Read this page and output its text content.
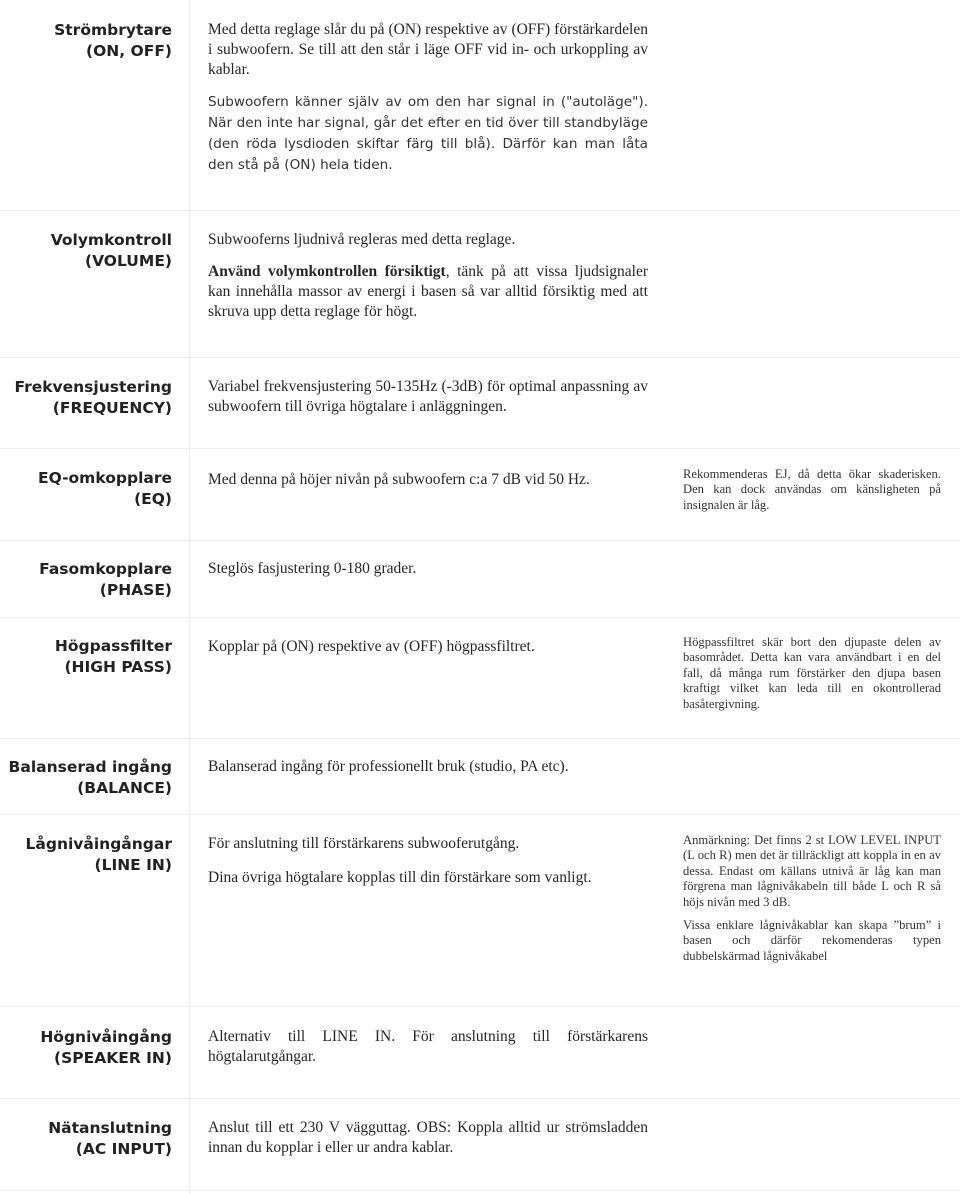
Strömbrytare
(ON, OFF)

Med detta reglage slår du på (ON) respektive av (OFF) förstärkardelen i subwoofern. Se till att den står i läge OFF vid in- och urkoppling av kablar.

Subwoofern känner själv av om den har signal in ("autoläge"). När den inte har signal, går det efter en tid över till standbyläge (den röda lysdioden skiftar färg till blå). Därför kan man låta den stå på (ON) hela tiden.

Volymkontroll
(VOLUME)

Subwooferns ljudnivå regleras med detta reglage.

Använd volymkontrollen försiktigt, tänk på att vissa ljudsignaler kan innehålla massor av energi i basen så var alltid försiktig med att skruva upp detta reglage för högt.

Frekvensjustering
(FREQUENCY)

Variabel frekvensjustering 50-135Hz (-3dB) för optimal anpassning av subwoofern till övriga högtalare i anläggningen.

EQ-omkopplare
(EQ)

Med denna på höjer nivån på subwoofern c:a 7 dB vid 50 Hz.	Rekommenderas EJ, då detta ökar skaderisken. Den kan dock användas om känsligheten på insignalen är låg.

Fasomkopplare
(PHASE)

Steglös fasjustering 0-180 grader.

Högpassfilter
(HIGH PASS)

Kopplar på (ON) respektive av (OFF) högpassfiltret.	Högpassfiltret skär bort den djupaste delen av basområdet. Detta kan vara användbart i en del fall, då många rum förstärker den djupa basen kraftigt vilket kan leda till en okontrollerad basåtergivning.

Balanserad ingång
(BALANCE)

Balanserad ingång för professionellt bruk (studio, PA etc).

Lågnivåingångar
(LINE IN)

För anslutning till förstärkarens subwooferutgång.

Dina övriga högtalare kopplas till din förstärkare som vanligt.

Anmärkning: Det finns 2 st LOW LEVEL INPUT (L och R) men det är tillräckligt att koppla in en av dessa. Endast om källans utnivå är låg kan man förgrena man lågnivåkabeln till både L och R så höjs nivån med 3 dB.

Vissa enklare lågnivåkablar kan skapa ”brum” i basen och därför rekomenderas typen dubbelskärmad lågnivåkabel

Högnivåingång
(SPEAKER IN)

Alternativ till LINE IN. För anslutning till förstärkarens högtalarutgångar.

Nätanslutning
(AC INPUT)

Anslut till ett 230 V vägguttag. OBS: Koppla alltid ur strömsladden innan du kopplar i eller ur andra kablar.
